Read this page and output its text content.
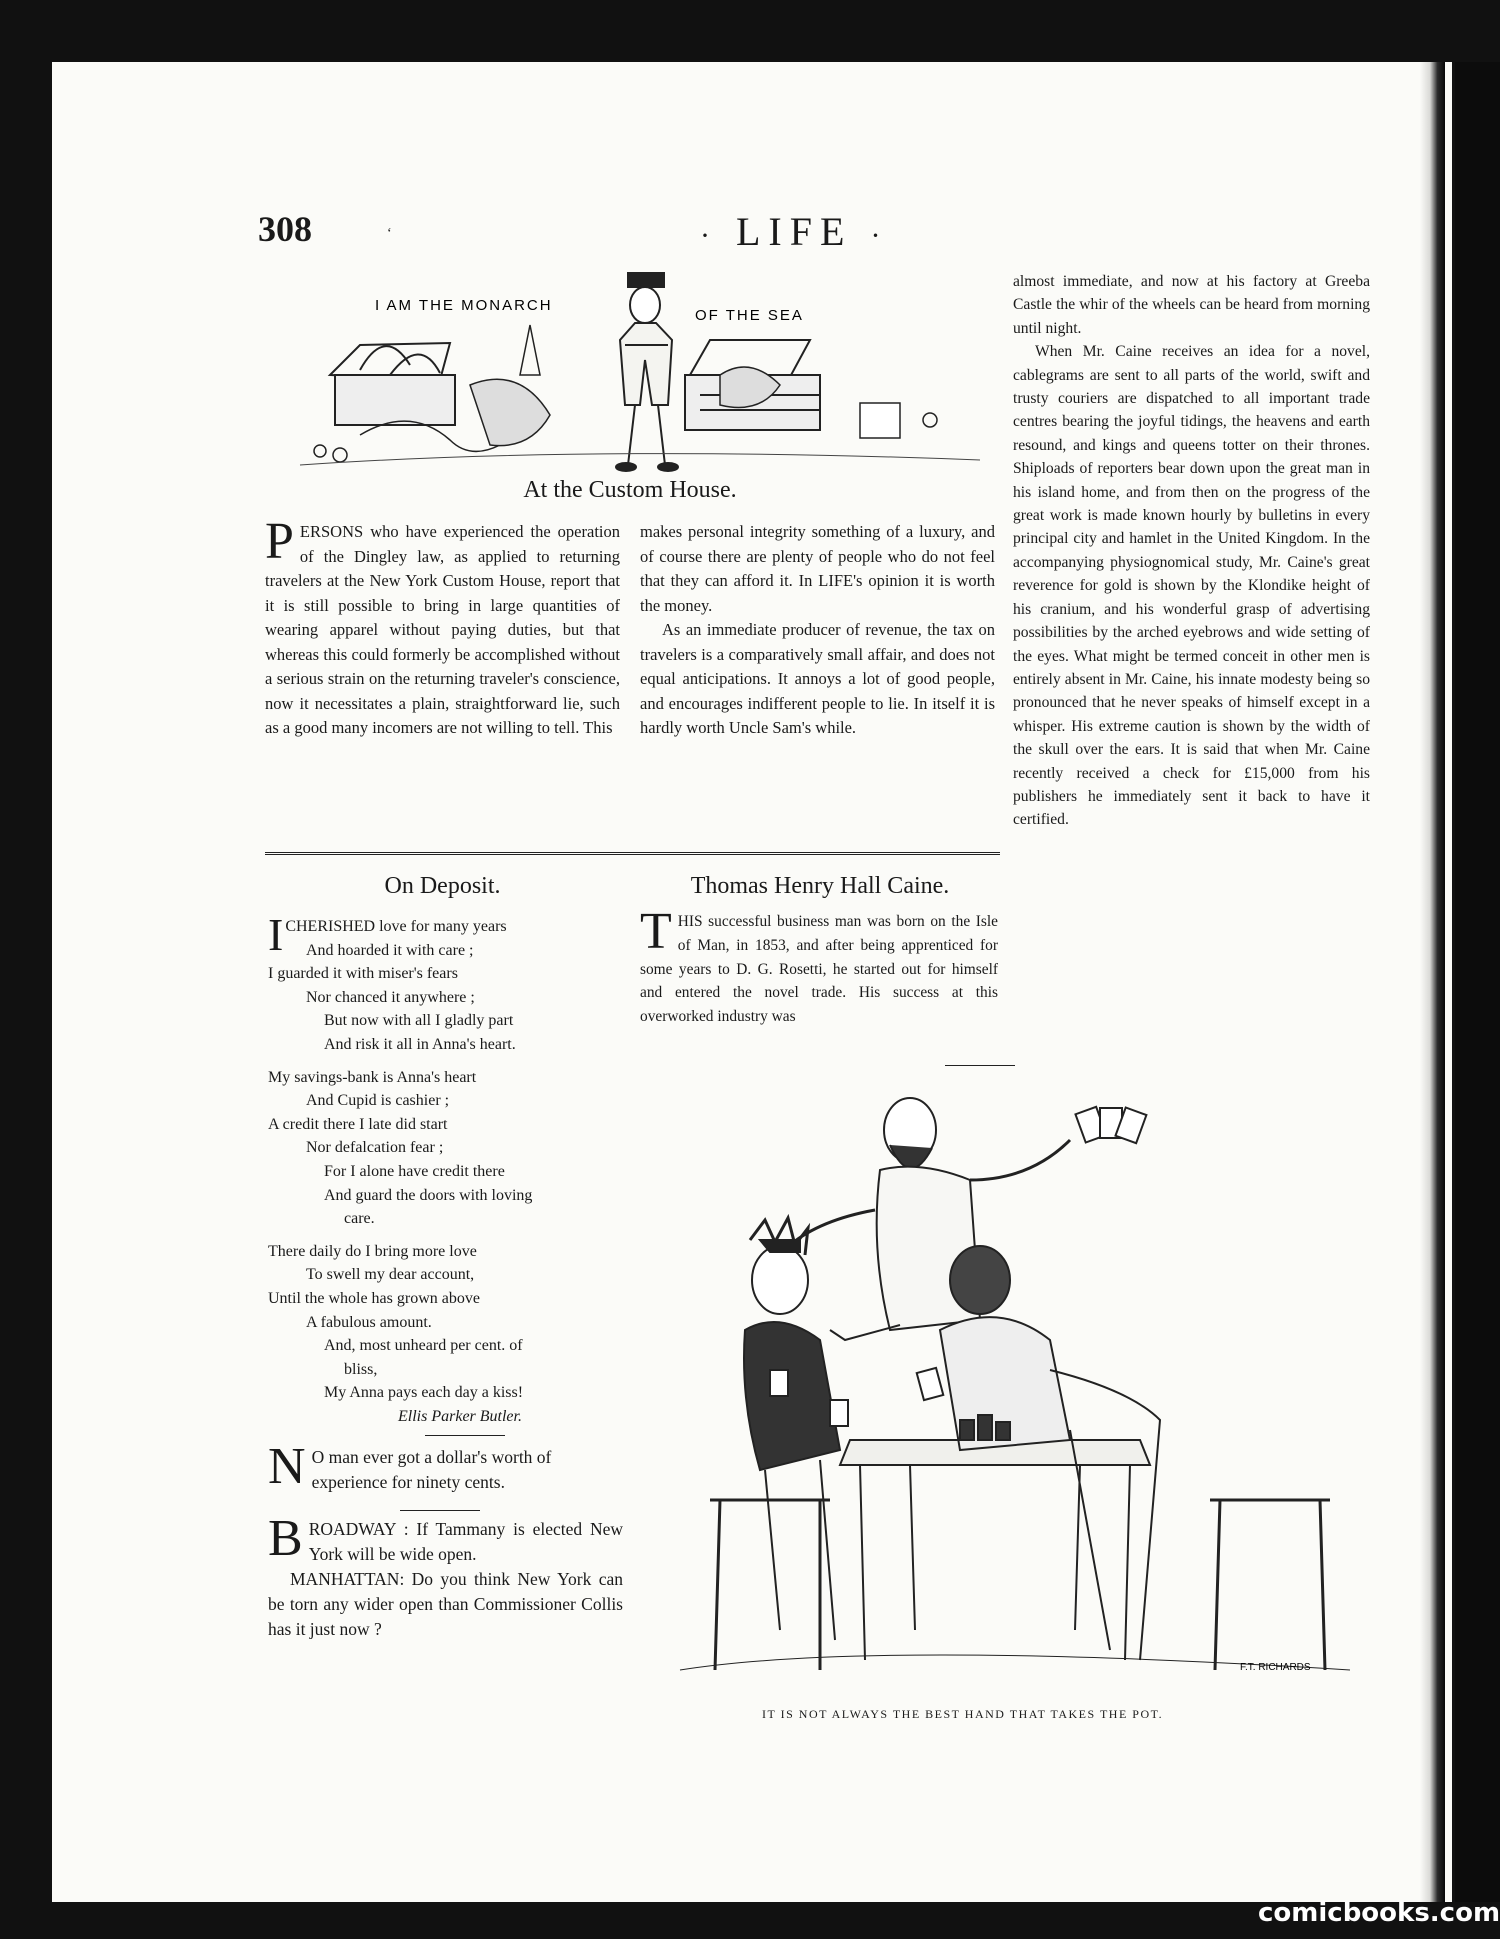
308	‘	· LIFE ·
I AM THE MONARCH
OF THE SEA
At the Custom House.

PERSONS who have experienced the operation of the Dingley law, as applied to returning travelers at the New York Custom House, report that it is still possible to bring in large quantities of wearing apparel without paying duties, but that whereas this could formerly be accomplished without a serious strain on the returning traveler's conscience, now it necessitates a plain, straightforward lie, such as a good many incomers are not willing to tell. This

makes personal integrity something of a luxury, and of course there are plenty of people who do not feel that they can afford it. In LIFE's opinion it is worth the money.

As an immediate producer of revenue, the tax on travelers is a comparatively small affair, and does not equal anticipations. It annoys a lot of good people, and encourages indifferent people to lie. In itself it is hardly worth Uncle Sam's while.

almost immediate, and now at his factory at Greeba Castle the whir of the wheels can be heard from morning until night.

When Mr. Caine receives an idea for a novel, cablegrams are sent to all parts of the world, swift and trusty couriers are dispatched to all important trade centres bearing the joyful tidings, the heavens and earth resound, and kings and queens totter on their thrones. Shiploads of reporters bear down upon the great man in his island home, and from then on the progress of the great work is made known hourly by bulletins in every principal city and hamlet in the United Kingdom. In the accompanying physiognomical study, Mr. Caine's great reverence for gold is shown by the Klondike height of his cranium, and his wonderful grasp of advertising possibilities by the arched eyebrows and wide setting of the eyes. What might be termed conceit in other men is entirely absent in Mr. Caine, his innate modesty being so pronounced that he never speaks of himself except in a whisper. His extreme caution is shown by the width of the skull over the ears. It is said that when Mr. Caine recently received a check for £15,000 from his publishers he immediately sent it back to have it certified.

On Deposit.
I CHERISHED love for many years
And hoarded it with care ;
I guarded it with miser's fears
Nor chanced it anywhere ;
But now with all I gladly part
And risk it all in Anna's heart.
My savings-bank is Anna's heart
And Cupid is cashier ;
A credit there I late did start
Nor defalcation fear ;
For I alone have credit there
And guard the doors with loving
care.
There daily do I bring more love
To swell my dear account,
Until the whole has grown above
A fabulous amount.
And, most unheard per cent. of
bliss,
My Anna pays each day a kiss!
Ellis Parker Butler.

N O man ever got a dollar's worth of experience for ninety cents.

BROADWAY : If Tammany is elected New York will be wide open.

MANHATTAN: Do you think New York can be torn any wider open than Commissioner Collis has it just now ?

Thomas Henry Hall Caine.

THIS successful business man was born on the Isle of Man, in 1853, and after being apprenticed for some years to D. G. Rosetti, he started out for himself and entered the novel trade. His success at this overworked industry was

F.T. RICHARDS
IT IS NOT ALWAYS THE BEST HAND THAT TAKES THE POT.
comicbooks.com
